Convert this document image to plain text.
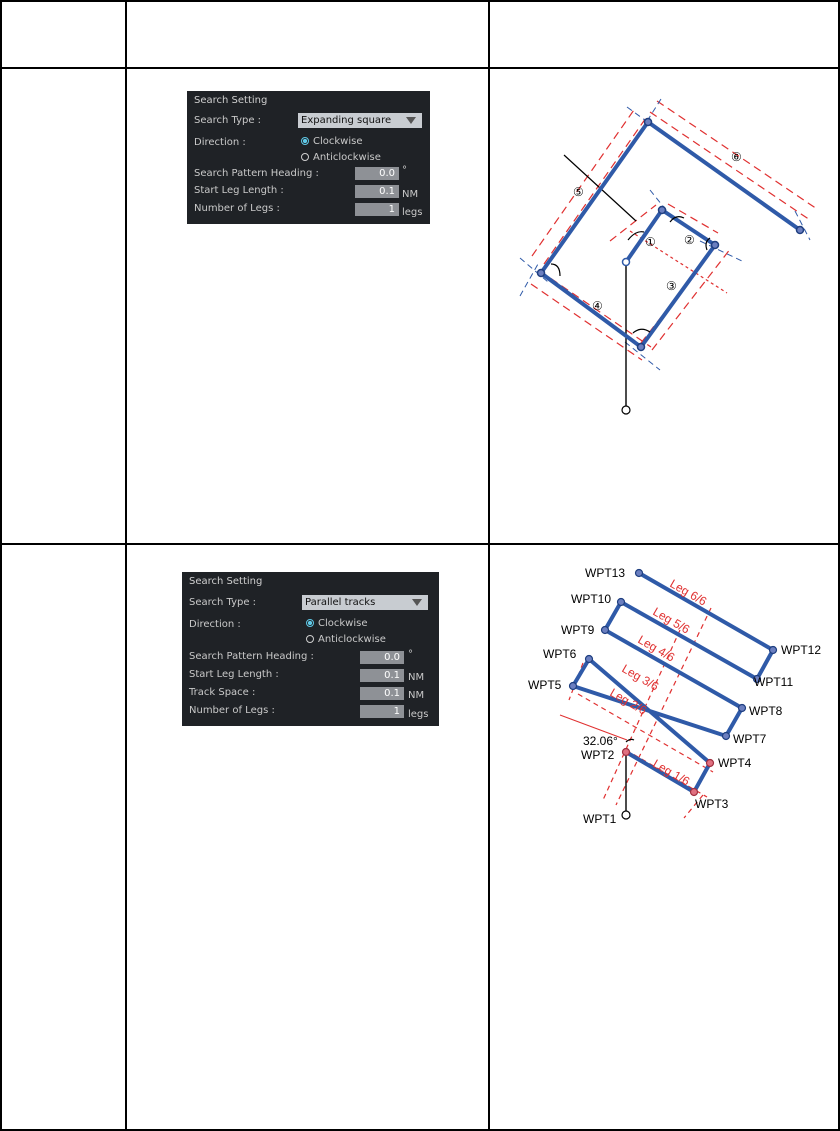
Search Setting
Search Type :	Expanding square
Direction :	Clockwise
Anticlockwise
Search Pattern Heading :	0.0 °
Start Leg Length :	0.1 NM
Number of Legs :	1 legs
① ②
③
④
⑤
⑥
Search Setting
Search Type :	Parallel tracks
Direction :	Clockwise
Anticlockwise
Search Pattern Heading :	0.0 °
Start Leg Length :	0.1 NM
Track Space :	0.1 NM
Number of Legs :	1 legs
WPT1
WPT2
WPT3
WPT4
WPT5
WPT6
WPT7
WPT8
WPT9
WPT10
WPT11
WPT12
WPT13
32.06°
Leg 1/6
Leg 2/6
Leg 3/6
Leg 4/6
Leg 5/6
Leg 6/6
